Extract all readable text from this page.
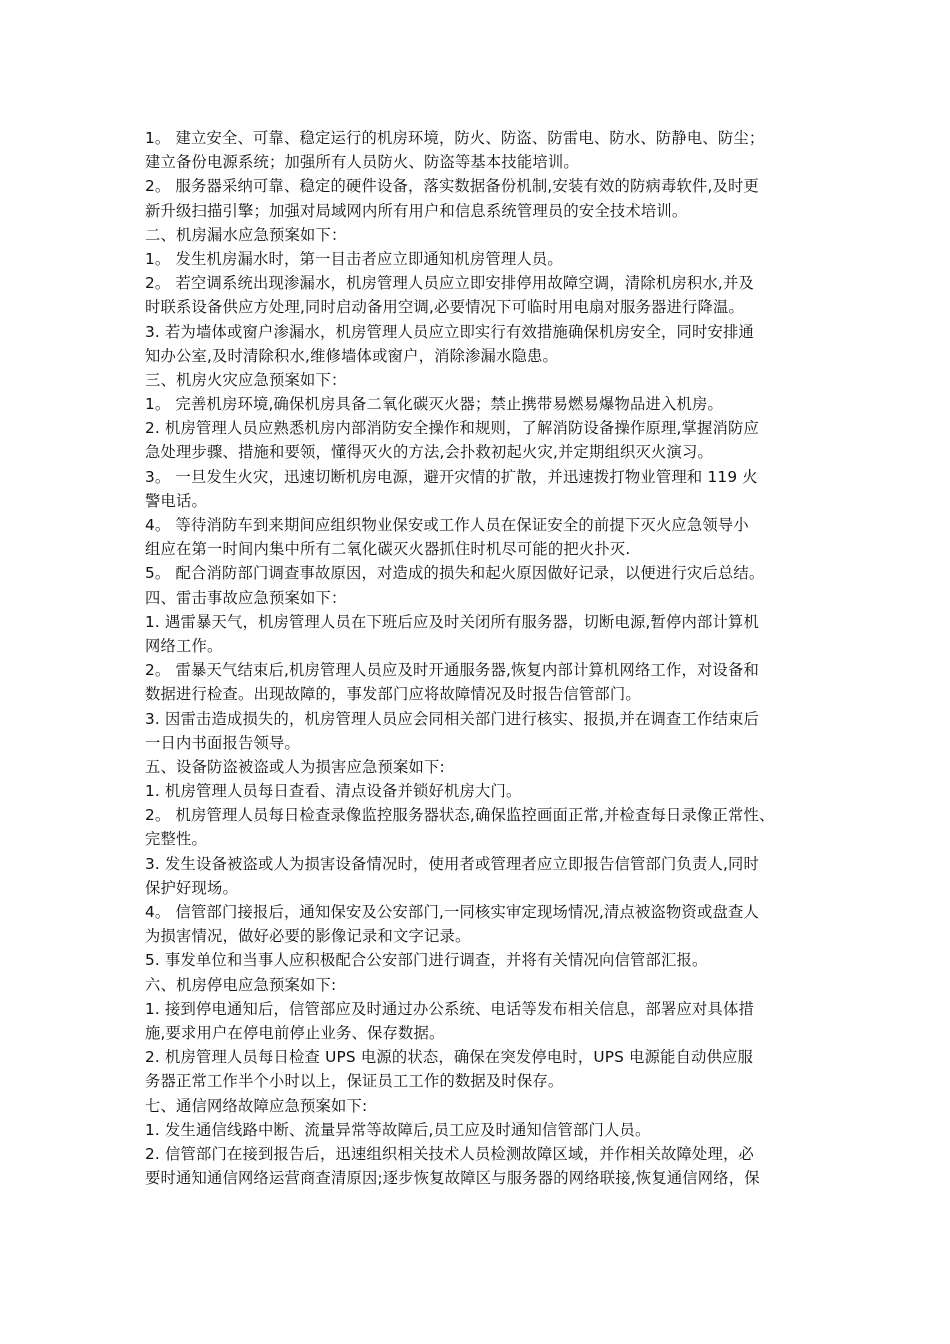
1。 建立安全、可靠、稳定运行的机房环境，防火、防盗、防雷电、防水、防静电、防尘；
建立备份电源系统；加强所有人员防火、防盗等基本技能培训。
2。 服务器采纳可靠、稳定的硬件设备，落实数据备份机制,安装有效的防病毒软件,及时更
新升级扫描引擎；加强对局域网内所有用户和信息系统管理员的安全技术培训。
二、机房漏水应急预案如下：
1。 发生机房漏水时，第一目击者应立即通知机房管理人员。
2。 若空调系统出现渗漏水，机房管理人员应立即安排停用故障空调，清除机房积水,并及
时联系设备供应方处理,同时启动备用空调,必要情况下可临时用电扇对服务器进行降温。
3. 若为墙体或窗户渗漏水，机房管理人员应立即实行有效措施确保机房安全，同时安排通
知办公室,及时清除积水,维修墙体或窗户，消除渗漏水隐患。
三、机房火灾应急预案如下：
1。 完善机房环境,确保机房具备二氧化碳灭火器；禁止携带易燃易爆物品进入机房。
2. 机房管理人员应熟悉机房内部消防安全操作和规则，了解消防设备操作原理,掌握消防应
急处理步骤、措施和要领，懂得灭火的方法,会扑救初起火灾,并定期组织灭火演习。
3。 一旦发生火灾，迅速切断机房电源，避开灾情的扩散，并迅速拨打物业管理和 119 火
警电话。
4。 等待消防车到来期间应组织物业保安或工作人员在保证安全的前提下灭火应急领导小
组应在第一时间内集中所有二氧化碳灭火器抓住时机尽可能的把火扑灭.
5。 配合消防部门调查事故原因，对造成的损失和起火原因做好记录，以便进行灾后总结。
四、雷击事故应急预案如下：
1. 遇雷暴天气，机房管理人员在下班后应及时关闭所有服务器，切断电源,暂停内部计算机
网络工作。
2。 雷暴天气结束后,机房管理人员应及时开通服务器,恢复内部计算机网络工作，对设备和
数据进行检查。出现故障的，事发部门应将故障情况及时报告信管部门。
3. 因雷击造成损失的，机房管理人员应会同相关部门进行核实、报损,并在调查工作结束后
一日内书面报告领导。
五、设备防盗被盗或人为损害应急预案如下:
1. 机房管理人员每日查看、清点设备并锁好机房大门。
2。 机房管理人员每日检查录像监控服务器状态,确保监控画面正常,并检查每日录像正常性、
完整性。
3. 发生设备被盗或人为损害设备情况时，使用者或管理者应立即报告信管部门负责人,同时
保护好现场。
4。 信管部门接报后，通知保安及公安部门,一同核实审定现场情况,清点被盗物资或盘查人
为损害情况，做好必要的影像记录和文字记录。
5. 事发单位和当事人应积极配合公安部门进行调查，并将有关情况向信管部汇报。
六、机房停电应急预案如下:
1. 接到停电通知后，信管部应及时通过办公系统、电话等发布相关信息，部署应对具体措
施,要求用户在停电前停止业务、保存数据。
2. 机房管理人员每日检查 UPS 电源的状态，确保在突发停电时，UPS 电源能自动供应服
务器正常工作半个小时以上，保证员工工作的数据及时保存。
七、通信网络故障应急预案如下:
1. 发生通信线路中断、流量异常等故障后,员工应及时通知信管部门人员。
2. 信管部门在接到报告后，迅速组织相关技术人员检测故障区域，并作相关故障处理，必
要时通知通信网络运营商查清原因;逐步恢复故障区与服务器的网络联接,恢复通信网络，保
